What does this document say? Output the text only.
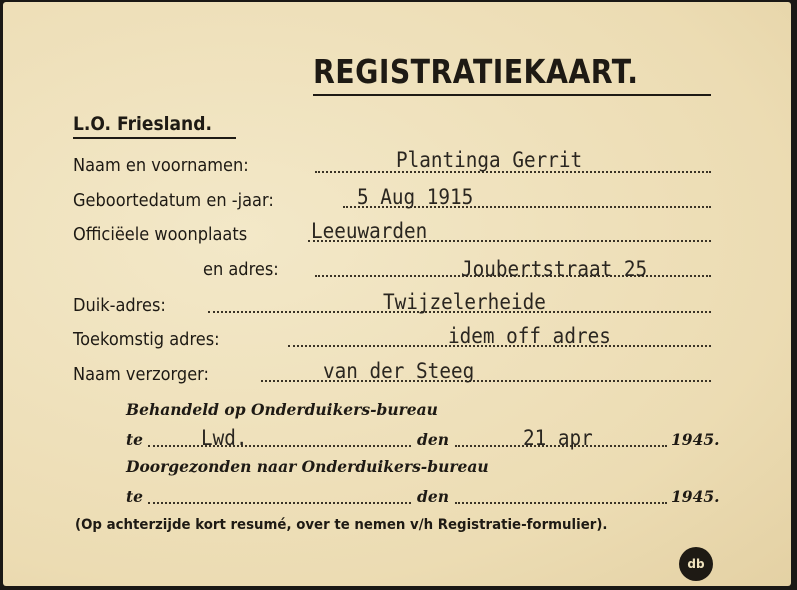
REGISTRATIEKAART.
L.O. Friesland.
Naam en voornamen:	Plantinga Gerrit
Geboortedatum en -jaar:	5 Aug 1915
Officiëele woonplaats	Leeuwarden
en adres:	Joubertstraat 25
Duik-adres:	Twijzelerheide
Toekomstig adres:	idem off adres
Naam verzorger:	van der Steeg
Behandeld op Onderduikers-bureau
te	Lwd.	den	21 apr	1945.
Doorgezonden naar Onderduikers-bureau
te	den	1945.
(Op achterzijde kort resumé, over te nemen v/h Registratie-formulier).
db
